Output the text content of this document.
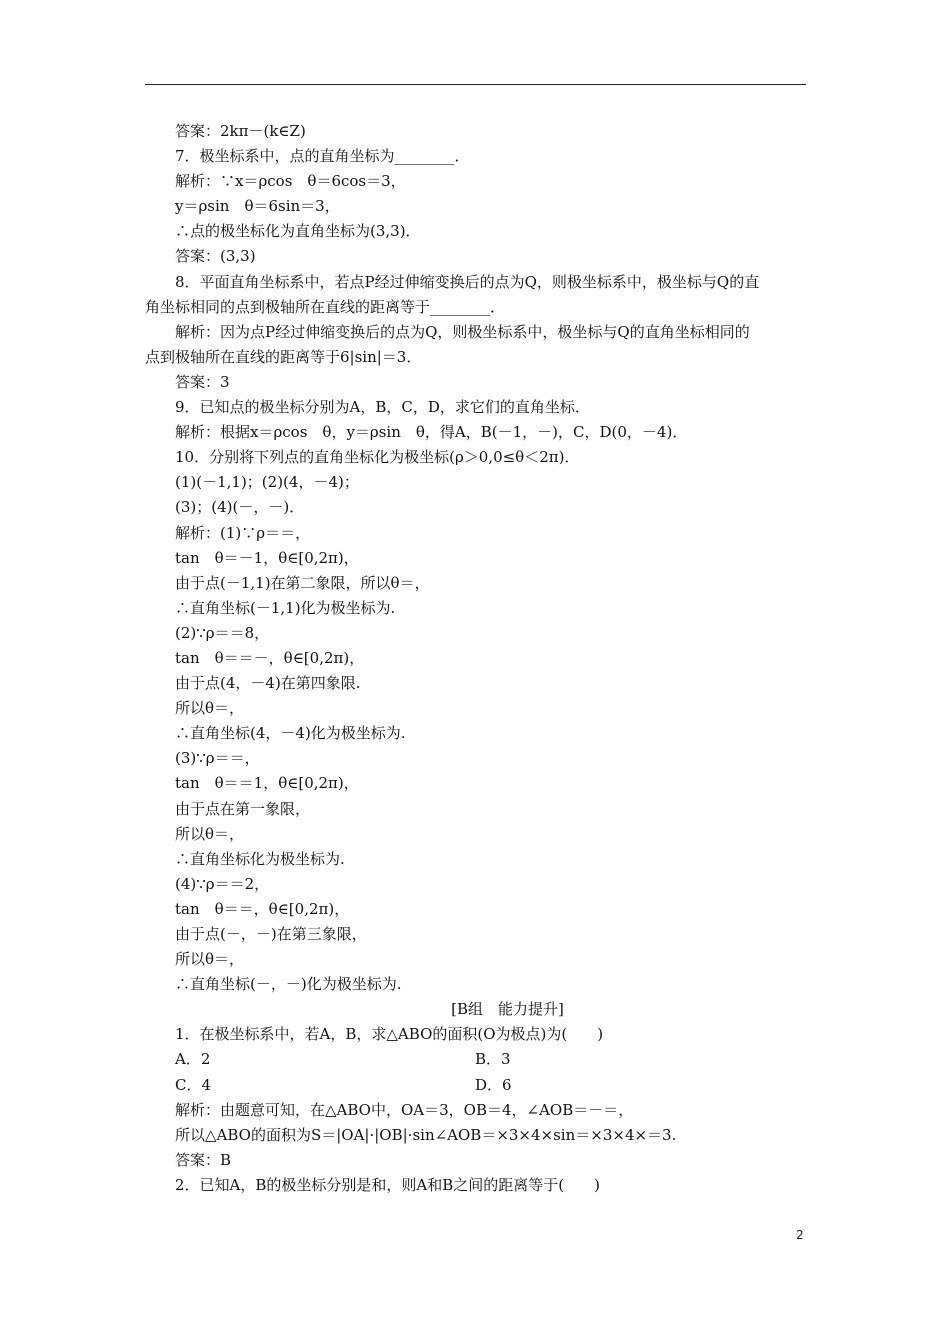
答案：2kπ－(k∈Z)
7．极坐标系中，点的直角坐标为________．
解析：∵x＝ρcos　θ＝6cos＝3，
y＝ρsin　θ＝6sin＝3，
∴点的极坐标化为直角坐标为(3,3)．
答案：(3,3)
8．平面直角坐标系中，若点P经过伸缩变换后的点为Q，则极坐标系中，极坐标与Q的直
角坐标相同的点到极轴所在直线的距离等于________．
解析：因为点P经过伸缩变换后的点为Q，则极坐标系中，极坐标与Q的直角坐标相同的
点到极轴所在直线的距离等于6|sin|＝3．
答案：3
9．已知点的极坐标分别为A，B，C，D，求它们的直角坐标．
解析：根据x＝ρcos　θ，y＝ρsin　θ，得A，B(－1，－)，C，D(0，－4)．
10．分别将下列点的直角坐标化为极坐标(ρ＞0,0≤θ＜2π)．
(1)(－1,1)；(2)(4，－4)；
(3)；(4)(－，－)．
解析：(1)∵ρ＝＝，
tan　θ＝－1，θ∈[0,2π)，
由于点(－1,1)在第二象限，所以θ＝，
∴直角坐标(－1,1)化为极坐标为.
(2)∵ρ＝＝8，
tan　θ＝＝－，θ∈[0,2π)，
由于点(4，－4)在第四象限.
所以θ＝，
∴直角坐标(4，－4)化为极坐标为.
(3)∵ρ＝＝，
tan　θ＝＝1，θ∈[0,2π)，
由于点在第一象限，
所以θ＝，
∴直角坐标化为极坐标为.
(4)∵ρ＝＝2，
tan　θ＝＝，θ∈[0,2π)，
由于点(－，－)在第三象限，
所以θ＝，
∴直角坐标(－，－)化为极坐标为.
[B组　能力提升]
1．在极坐标系中，若A，B，求△ABO的面积(O为极点)为(　　)
A．2	B．3
C．4	D．6
解析：由题意可知，在△ABO中，OA＝3，OB＝4，∠AOB＝－＝，
所以△ABO的面积为S＝|OA|·|OB|·sin∠AOB＝×3×4×sin＝×3×4×＝3.
答案：B
2．已知A，B的极坐标分别是和，则A和B之间的距离等于(　　)
2
